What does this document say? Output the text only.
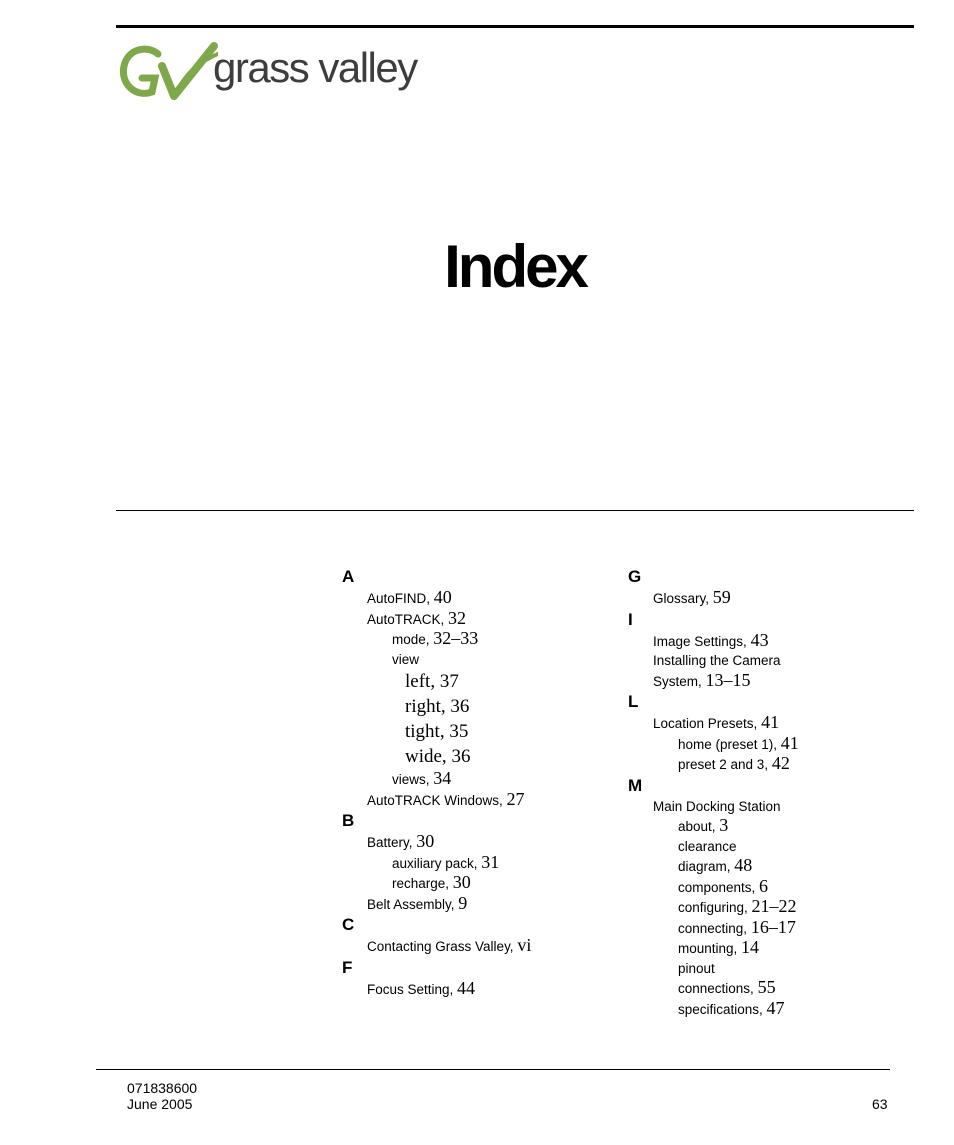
grass valley
Index
A
AutoFIND, 40
AutoTRACK, 32
mode, 32–33
view
left, 37
right, 36
tight, 35
wide, 36
views, 34
AutoTRACK Windows, 27
B
Battery, 30
auxiliary pack, 31
recharge, 30
Belt Assembly, 9
C
Contacting Grass Valley, vi
F
Focus Setting, 44
G
Glossary, 59
I
Image Settings, 43
Installing the Camera
System, 13–15
L
Location Presets, 41
home (preset 1), 41
preset 2 and 3, 42
M
Main Docking Station
about, 3
clearance
diagram, 48
components, 6
configuring, 21–22
connecting, 16–17
mounting, 14
pinout
connections, 55
specifications, 47
071838600
June 2005	63
